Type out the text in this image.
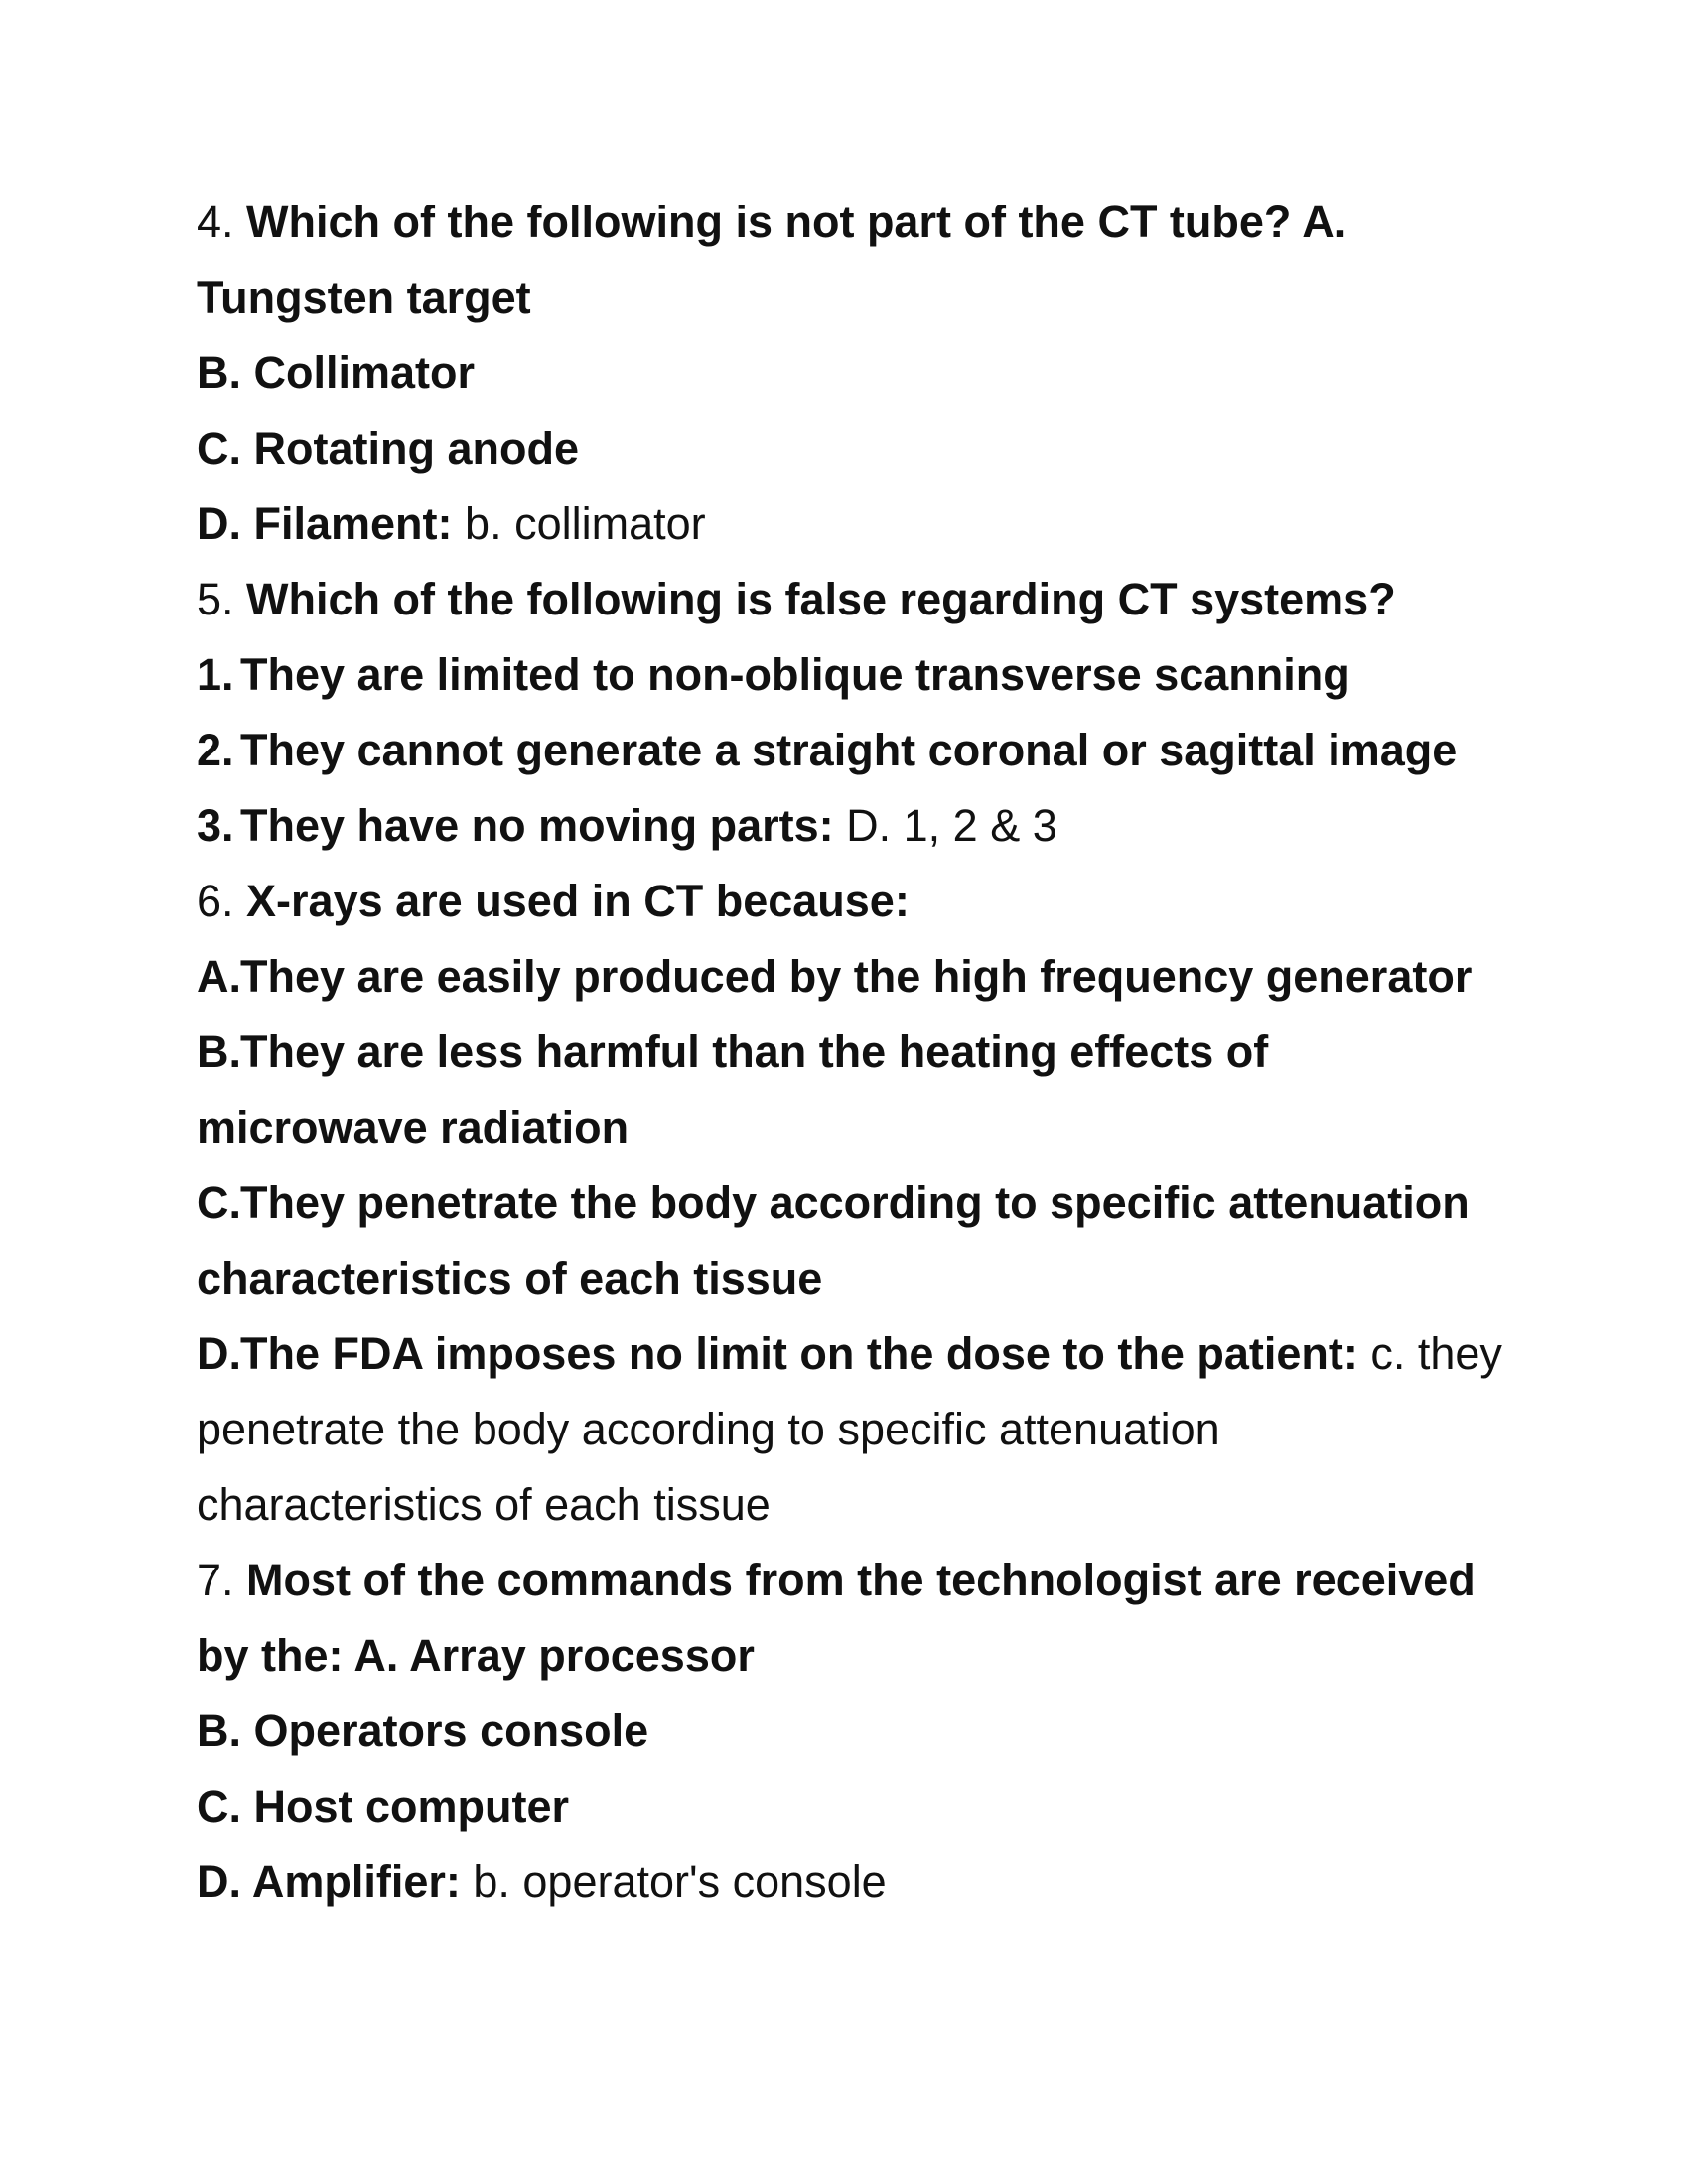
4. Which of the following is not part of the CT tube? A.

Tungsten target

B. Collimator

C. Rotating anode

D. Filament: b. collimator

5. Which of the following is false regarding CT systems?

1. They are limited to non-oblique transverse scanning

2. They cannot generate a straight coronal or sagittal image

3. They have no moving parts: D. 1, 2 & 3

6. X-rays are used in CT because:

A.They are easily produced by the high frequency generator

B.They are less harmful than the heating effects of

microwave radiation

C.They penetrate the body according to specific attenuation

characteristics of each tissue

D.The FDA imposes no limit on the dose to the patient: c. they

penetrate the body according to specific attenuation

characteristics of each tissue

7. Most of the commands from the technologist are received

by the: A. Array processor

B. Operators console

C. Host computer

D. Amplifier: b. operator's console
